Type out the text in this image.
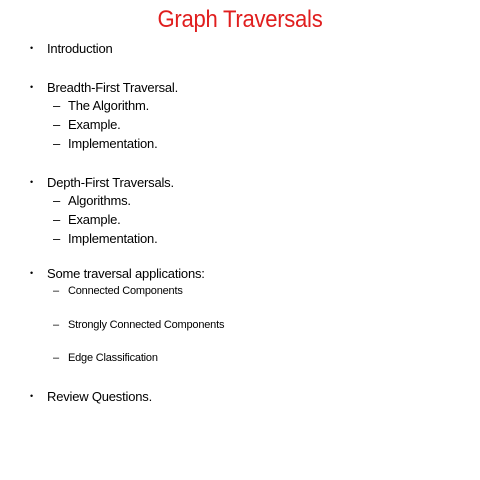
Graph Traversals
• Introduction
• Breadth-First Traversal.
– The Algorithm.
– Example.
– Implementation.
• Depth-First Traversals.
– Algorithms.
– Example.
– Implementation.
• Some traversal applications:
– Connected Components
– Strongly Connected Components
– Edge Classification
• Review Questions.
